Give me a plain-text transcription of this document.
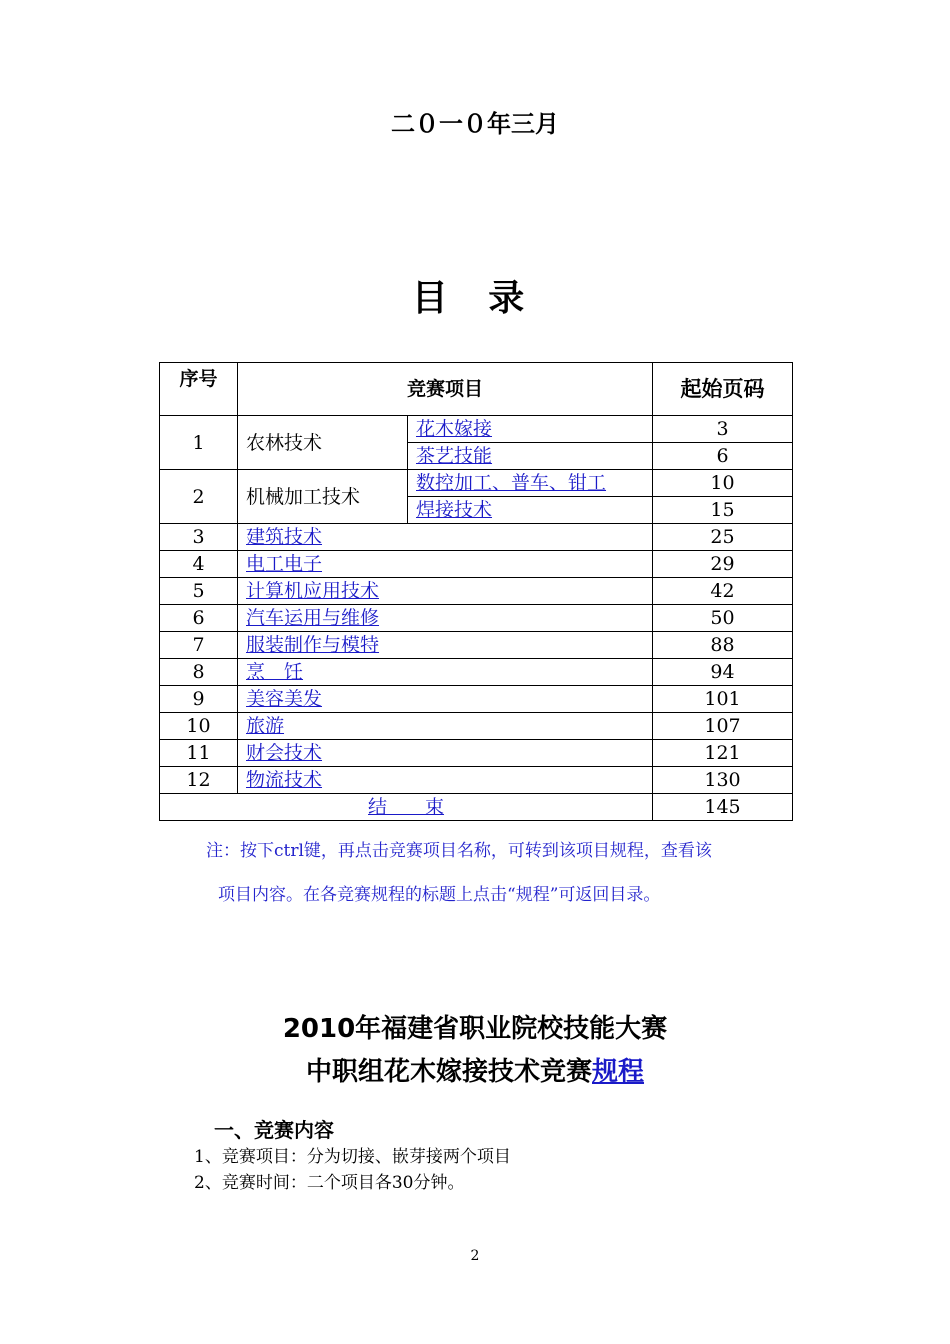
二０一０年三月
目 录
序号	竞赛项目		起始页码
1	农林技术	花木嫁接	3
		茶艺技能	6
2	机械加工技术	数控加工、普车、钳工	10
		焊接技术	15
3	建筑技术		25
4	电工电子		29
5	计算机应用技术		42
6	汽车运用与维修		50
7	服装制作与模特		88
8	烹　饪		94
9	美容美发		101
10	旅游		107
11	财会技术		121
12	物流技术		130
结　　束			145
注：按下ctrl键，再点击竞赛项目名称，可转到该项目规程，查看该
项目内容。在各竞赛规程的标题上点击“规程”可返回目录。
2010年福建省职业院校技能大赛
中职组花木嫁接技术竞赛规程
一、竞赛内容
1、竞赛项目：分为切接、嵌芽接两个项目
2、竞赛时间：二个项目各30分钟。
2
